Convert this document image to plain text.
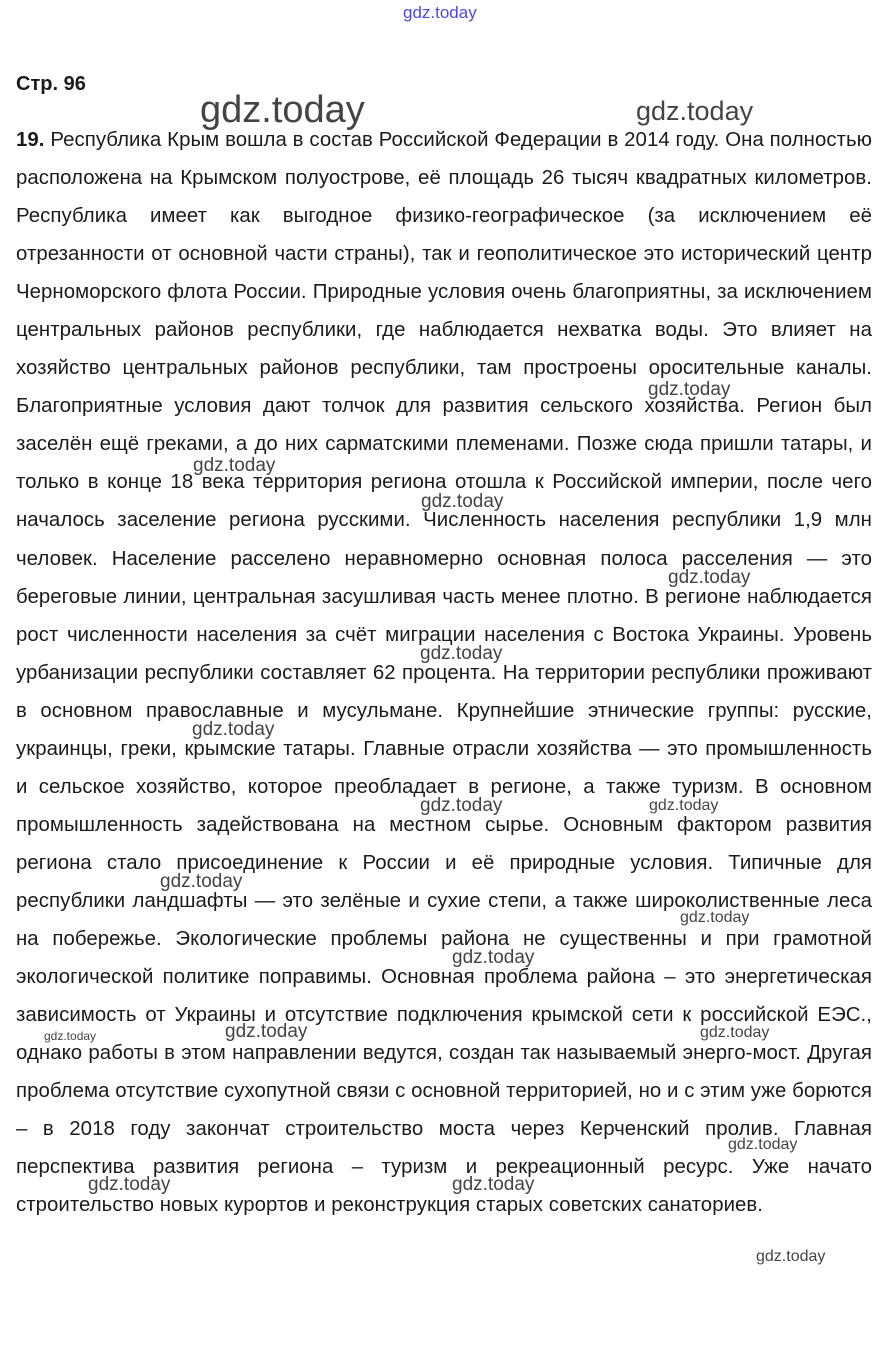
gdz.today
Стр. 96

19. Республика Крым вошла в состав Российской Федерации в 2014 году. Она полностью расположена на Крымском полуострове, её площадь 26 тысяч квадратных километров. Республика имеет как выгодное физико-географическое (за исключением её отрезанности от основной части страны), так и геополитическое это исторический центр Черноморского флота России. Природные условия очень благоприятны, за исключением центральных районов республики, где наблюдается нехватка воды. Это влияет на хозяйство центральных районов республики, там простроены оросительные каналы. Благоприятные условия дают толчок для развития сельского хозяйства. Регион был заселён ещё греками, а до них сарматскими племенами. Позже сюда пришли татары, и только в конце 18 века территория региона отошла к Российской империи, после чего началось заселение региона русскими. Численность населения республики 1,9 млн человек. Население расселено неравномерно основная полоса расселения — это береговые линии, центральная засушливая часть менее плотно. В регионе наблюдается рост численности населения за счёт миграции населения с Востока Украины. Уровень урбанизации республики составляет 62 процента. На территории республики проживают в основном православные и мусульмане. Крупнейшие этнические группы: русские, украинцы, греки, крымские татары. Главные отрасли хозяйства — это промышленность и сельское хозяйство, которое преобладает в регионе, а также туризм. В основном промышленность задействована на местном сырье. Основным фактором развития региона стало присоединение к России и её природные условия. Типичные для республики ландшафты — это зелёные и сухие степи, а также широколиственные леса на побережье. Экологические проблемы района не существенны и при грамотной экологической политике поправимы. Основная проблема района – это энергетическая зависимость от Украины и отсутствие подключения крымской сети к российской ЕЭС., однако работы в этом направлении ведутся, создан так называемый энерго-мост. Другая проблема отсутствие сухопутной связи с основной территорией, но и с этим уже борются – в 2018 году закончат строительство моста через Керченский пролив. Главная перспектива развития региона – туризм и рекреационный ресурс. Уже начато строительство новых курортов и реконструкция старых советских санаториев.

gdz.today	gdz.today
gdz.today
gdz.today
gdz.today
gdz.today
gdz.today
gdz.today
gdz.today	gdz.today
gdz.today
gdz.today
gdz.today
gdz.today	gdz.today	gdz.today
gdz.today
gdz.today	gdz.today
gdz.today
